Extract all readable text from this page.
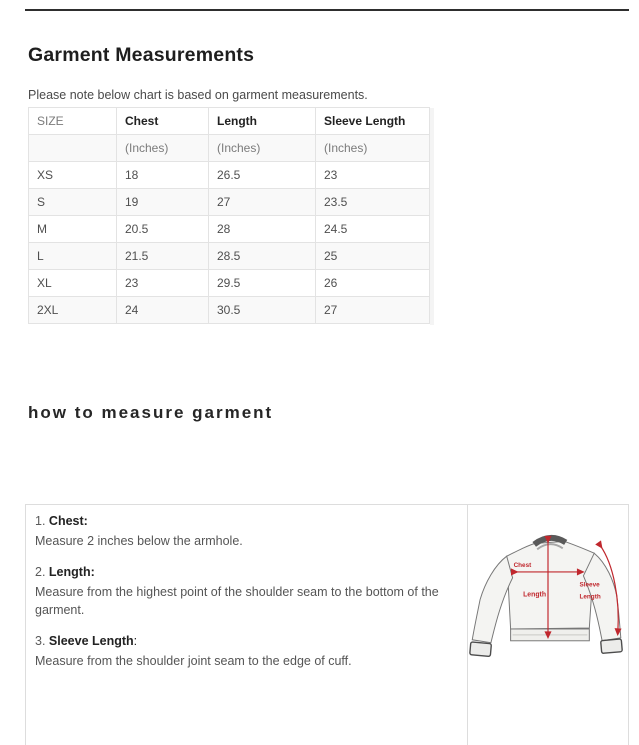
Garment Measurements
Please note below chart is based on garment measurements.
SIZE	Chest	Length	Sleeve Length
	(Inches)	(Inches)	(Inches)
XS	18	26.5	23
S	19	27	23.5
M	20.5	28	24.5
L	21.5	28.5	25
XL	23	29.5	26
2XL	24	30.5	27
how to measure garment
1. Chest:
Measure 2 inches below the armhole.
2. Length:
Measure from the highest point of the shoulder seam to the bottom of the garment.
3. Sleeve Length:
Measure from the shoulder joint seam to the edge of cuff.
Chest
Length
Sleeve
Length
